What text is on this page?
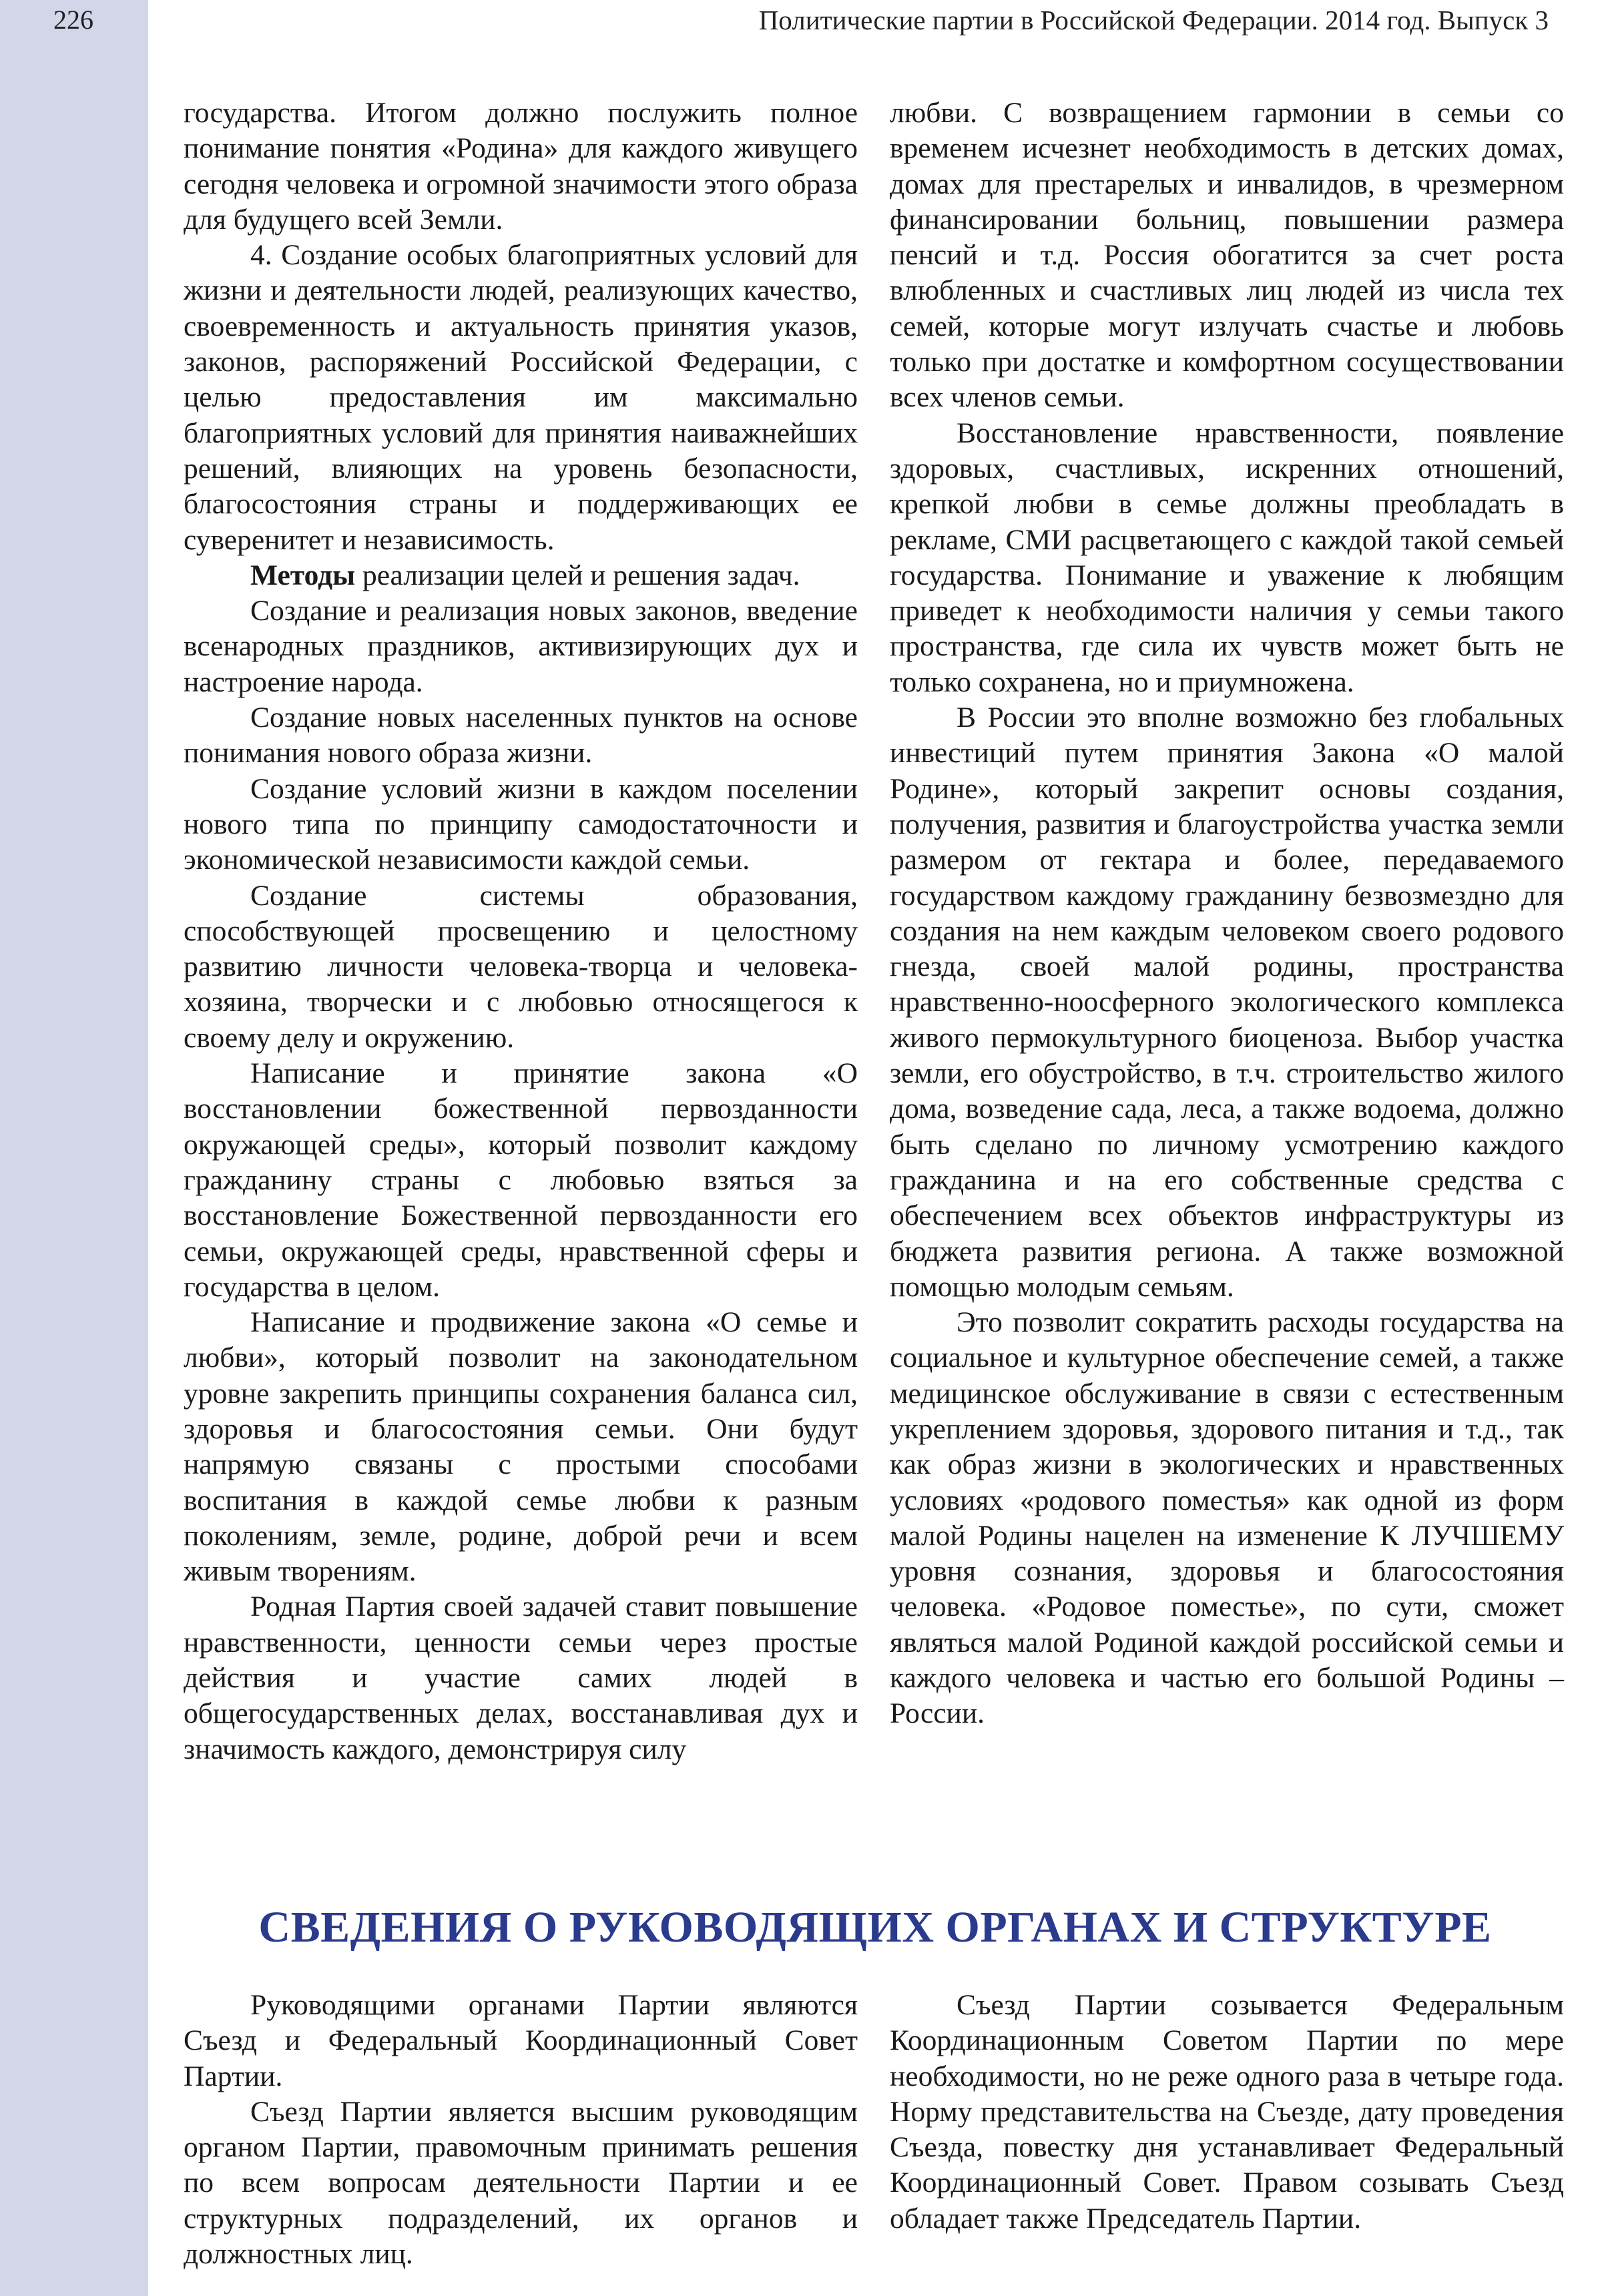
226	Политические партии в Российской Федерации. 2014 год. Выпуск 3

государства. Итогом должно послужить полное понимание понятия «Родина» для каждого живущего сегодня человека и огромной значимости этого образа для будущего всей Земли.

4. Создание особых благоприятных условий для жизни и деятельности людей, реализующих качество, своевременность и актуальность принятия указов, законов, распоряжений Российской Федерации, с целью предоставления им максимально благоприятных условий для принятия наиважнейших решений, влияющих на уровень безопасности, благосостояния страны и поддерживающих ее суверенитет и независимость.

Методы реализации целей и решения задач.

Создание и реализация новых законов, введение всенародных праздников, активизирующих дух и настроение народа.

Создание новых населенных пунктов на основе понимания нового образа жизни.

Создание условий жизни в каждом поселении нового типа по принципу самодостаточности и экономической независимости каждой семьи.

Создание системы образования, способствующей просвещению и целостному развитию личности человека-творца и человека-хозяина, творчески и с любовью относящегося к своему делу и окружению.

Написание и принятие закона «О восстановлении божественной первозданности окружающей среды», который позволит каждому гражданину страны с любовью взяться за восстановление Божественной первозданности его семьи, окружающей среды, нравственной сферы и государства в целом.

Написание и продвижение закона «О семье и любви», который позволит на законодательном уровне закрепить принципы сохранения баланса сил, здоровья и благосостояния семьи. Они будут напрямую связаны с простыми способами воспитания в каждой семье любви к разным поколениям, земле, родине, доброй речи и всем живым творениям.

Родная Партия своей задачей ставит повышение нравственности, ценности семьи через простые действия и участие самих людей в общегосударственных делах, восстанавливая дух и значимость каждого, демонстрируя силу

любви. С возвращением гармонии в семьи со временем исчезнет необходимость в детских домах, домах для престарелых и инвалидов, в чрезмерном финансировании больниц, повышении размера пенсий и т.д. Россия обогатится за счет роста влюбленных и счастливых лиц людей из числа тех семей, которые могут излучать счастье и любовь только при достатке и комфортном сосуществовании всех членов семьи.

Восстановление нравственности, появление здоровых, счастливых, искренних отношений, крепкой любви в семье должны преобладать в рекламе, СМИ расцветающего с каждой такой семьей государства. Понимание и уважение к любящим приведет к необходимости наличия у семьи такого пространства, где сила их чувств может быть не только сохранена, но и приумножена.

В России это вполне возможно без глобальных инвестиций путем принятия Закона «О малой Родине», который закрепит основы создания, получения, развития и благоустройства участка земли размером от гектара и более, передаваемого государством каждому гражданину безвозмездно для создания на нем каждым человеком своего родового гнезда, своей малой родины, пространства нравственно-ноосферного экологического комплекса живого пермокультурного биоценоза. Выбор участка земли, его обустройство, в т.ч. строительство жилого дома, возведение сада, леса, а также водоема, должно быть сделано по личному усмотрению каждого гражданина и на его собственные средства с обеспечением всех объектов инфраструктуры из бюджета развития региона. А также возможной помощью молодым семьям.

Это позволит сократить расходы государства на социальное и культурное обеспечение семей, а также медицинское обслуживание в связи с естественным укреплением здоровья, здорового питания и т.д., так как образ жизни в экологических и нравственных условиях «родового поместья» как одной из форм малой Родины нацелен на изменение К ЛУЧШЕМУ уровня сознания, здоровья и благосостояния человека. «Родовое поместье», по сути, сможет являться малой Родиной каждой российской семьи и каждого человека и частью его большой Родины – России.

СВЕДЕНИЯ О РУКОВОДЯЩИХ ОРГАНАХ И СТРУКТУРЕ

Руководящими органами Партии являются Съезд и Федеральный Координационный Совет Партии.

Съезд Партии является высшим руководящим органом Партии, правомочным принимать решения по всем вопросам деятельности Партии и ее структурных подразделений, их органов и должностных лиц.

Съезд Партии созывается Федеральным Координационным Советом Партии по мере необходимости, но не реже одного раза в четыре года. Норму представительства на Съезде, дату проведения Съезда, повестку дня устанавливает Федеральный Координационный Совет. Правом созывать Съезд обладает также Председатель Партии.
